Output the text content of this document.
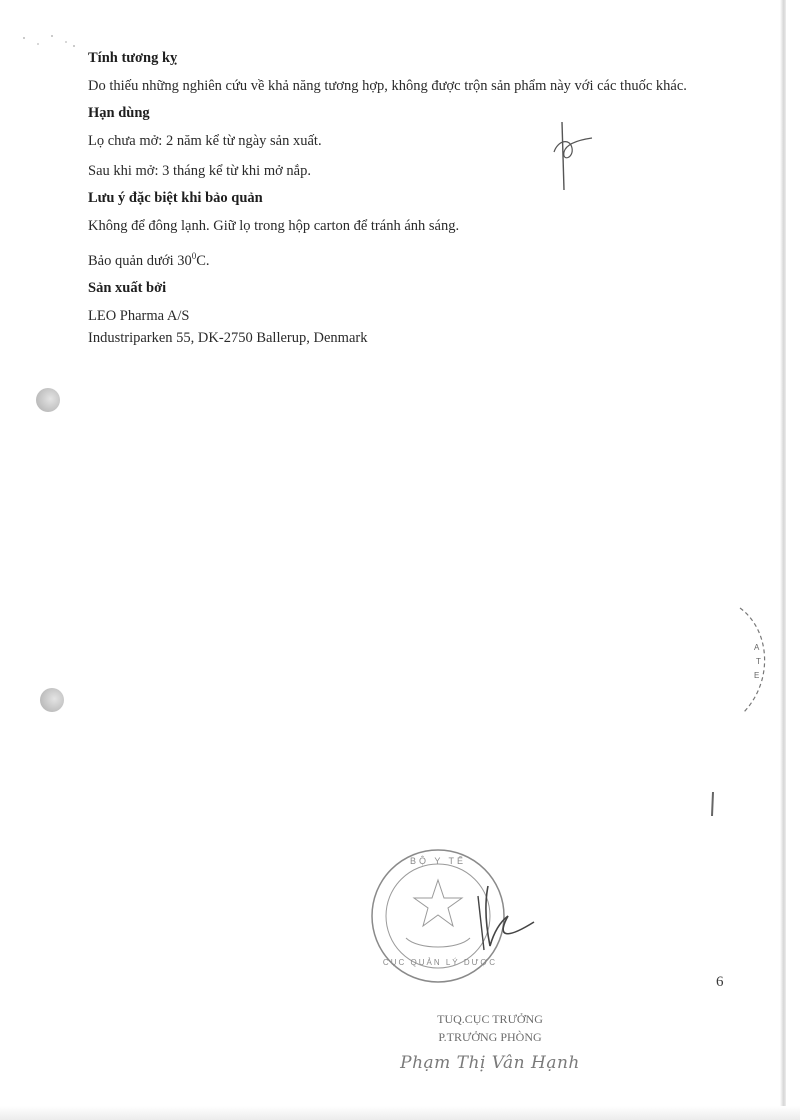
A
T
E
Tính tương kỵ

Do thiếu những nghiên cứu về khả năng tương hợp, không được trộn sản phẩm này với các thuốc khác.

Hạn dùng

Lọ chưa mở: 2 năm kể từ ngày sản xuất.

Sau khi mở: 3 tháng kể từ khi mở nắp.

Lưu ý đặc biệt khi bảo quản

Không để đông lạnh. Giữ lọ trong hộp carton để tránh ánh sáng.

Bảo quản dưới $30^0C$.

Sản xuất bởi

LEO Pharma A/S

Industriparken 55, DK-2750 Ballerup, Denmark

BỘ Y TẾ
CỤC QUẢN LÝ DƯỢC
6
TUQ.CỤC TRƯỞNG
P.TRƯỞNG PHÒNG
Phạm Thị Vân Hạnh
